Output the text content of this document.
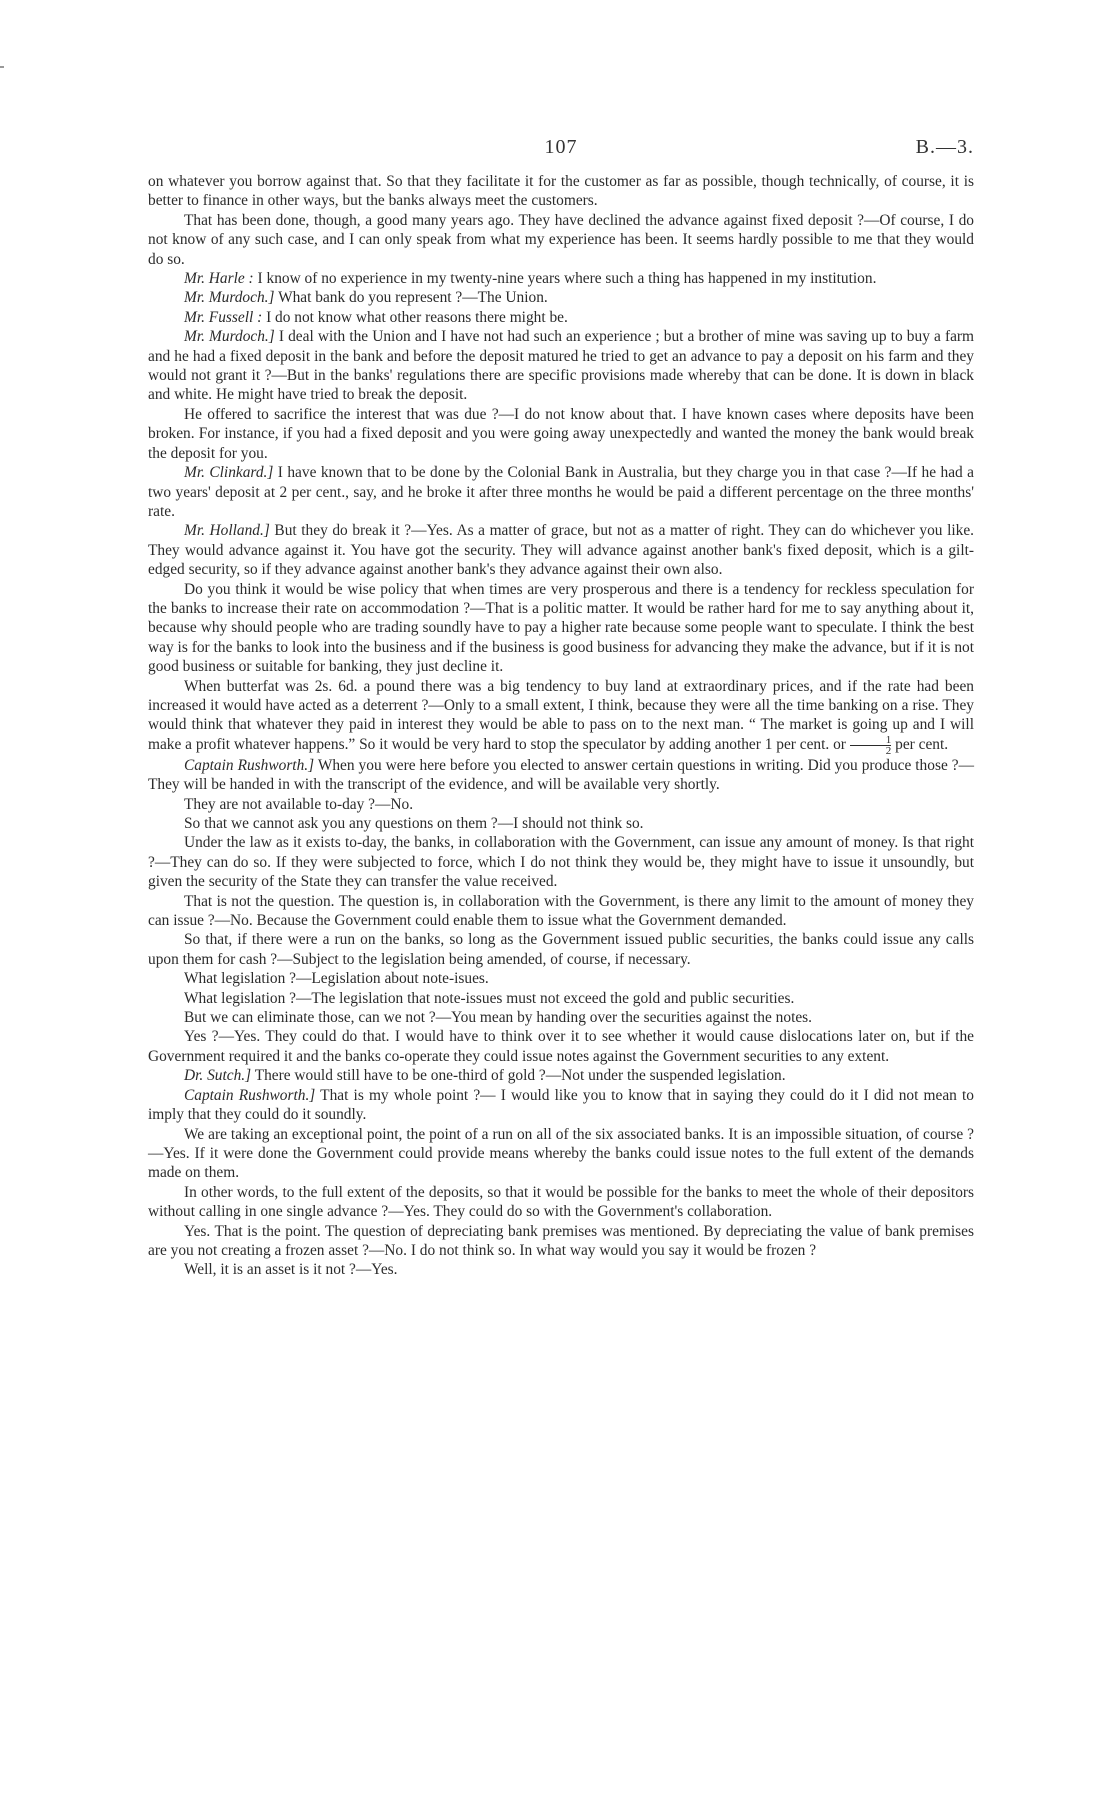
107	B.—3.

on whatever you borrow against that. So that they facilitate it for the customer as far as possible, though technically, of course, it is better to finance in other ways, but the banks always meet the customers.

That has been done, though, a good many years ago. They have declined the advance against fixed deposit ?—Of course, I do not know of any such case, and I can only speak from what my experience has been. It seems hardly possible to me that they would do so.

Mr. Harle : I know of no experience in my twenty-nine years where such a thing has happened in my institution.

Mr. Murdoch.] What bank do you represent ?—The Union.

Mr. Fussell : I do not know what other reasons there might be.

Mr. Murdoch.] I deal with the Union and I have not had such an experience ; but a brother of mine was saving up to buy a farm and he had a fixed deposit in the bank and before the deposit matured he tried to get an advance to pay a deposit on his farm and they would not grant it ?—But in the banks' regulations there are specific provisions made whereby that can be done. It is down in black and white. He might have tried to break the deposit.

He offered to sacrifice the interest that was due ?—I do not know about that. I have known cases where deposits have been broken. For instance, if you had a fixed deposit and you were going away unexpectedly and wanted the money the bank would break the deposit for you.

Mr. Clinkard.] I have known that to be done by the Colonial Bank in Australia, but they charge you in that case ?—If he had a two years' deposit at 2 per cent., say, and he broke it after three months he would be paid a different percentage on the three months' rate.

Mr. Holland.] But they do break it ?—Yes. As a matter of grace, but not as a matter of right. They can do whichever you like. They would advance against it. You have got the security. They will advance against another bank's fixed deposit, which is a gilt-edged security, so if they advance against another bank's they advance against their own also.

Do you think it would be wise policy that when times are very prosperous and there is a tendency for reckless speculation for the banks to increase their rate on accommodation ?—That is a politic matter. It would be rather hard for me to say anything about it, because why should people who are trading soundly have to pay a higher rate because some people want to speculate. I think the best way is for the banks to look into the business and if the business is good business for advancing they make the advance, but if it is not good business or suitable for banking, they just decline it.

When butterfat was 2s. 6d. a pound there was a big tendency to buy land at extraordinary prices, and if the rate had been increased it would have acted as a deterrent ?—Only to a small extent, I think, because they were all the time banking on a rise. They would think that whatever they paid in interest they would be able to pass on to the next man. “ The market is going up and I will make a profit whatever happens.” So it would be very hard to stop the speculator by adding another 1 per cent. or $\frac{1}{2}$ per cent.

Captain Rushworth.] When you were here before you elected to answer certain questions in writing. Did you produce those ?—They will be handed in with the transcript of the evidence, and will be available very shortly.

They are not available to-day ?—No.

So that we cannot ask you any questions on them ?—I should not think so.

Under the law as it exists to-day, the banks, in collaboration with the Government, can issue any amount of money. Is that right ?—They can do so. If they were subjected to force, which I do not think they would be, they might have to issue it unsoundly, but given the security of the State they can transfer the value received.

That is not the question. The question is, in collaboration with the Government, is there any limit to the amount of money they can issue ?—No. Because the Government could enable them to issue what the Government demanded.

So that, if there were a run on the banks, so long as the Government issued public securities, the banks could issue any calls upon them for cash ?—Subject to the legislation being amended, of course, if necessary.

What legislation ?—Legislation about note-isues.

What legislation ?—The legislation that note-issues must not exceed the gold and public securities.

But we can eliminate those, can we not ?—You mean by handing over the securities against the notes.

Yes ?—Yes. They could do that. I would have to think over it to see whether it would cause dislocations later on, but if the Government required it and the banks co-operate they could issue notes against the Government securities to any extent.

Dr. Sutch.] There would still have to be one-third of gold ?—Not under the suspended legislation.

Captain Rushworth.] That is my whole point ?— I would like you to know that in saying they could do it I did not mean to imply that they could do it soundly.

We are taking an exceptional point, the point of a run on all of the six associated banks. It is an impossible situation, of course ?—Yes. If it were done the Government could provide means whereby the banks could issue notes to the full extent of the demands made on them.

In other words, to the full extent of the deposits, so that it would be possible for the banks to meet the whole of their depositors without calling in one single advance ?—Yes. They could do so with the Government's collaboration.

Yes. That is the point. The question of depreciating bank premises was mentioned. By depreciating the value of bank premises are you not creating a frozen asset ?—No. I do not think so. In what way would you say it would be frozen ?

Well, it is an asset is it not ?—Yes.
